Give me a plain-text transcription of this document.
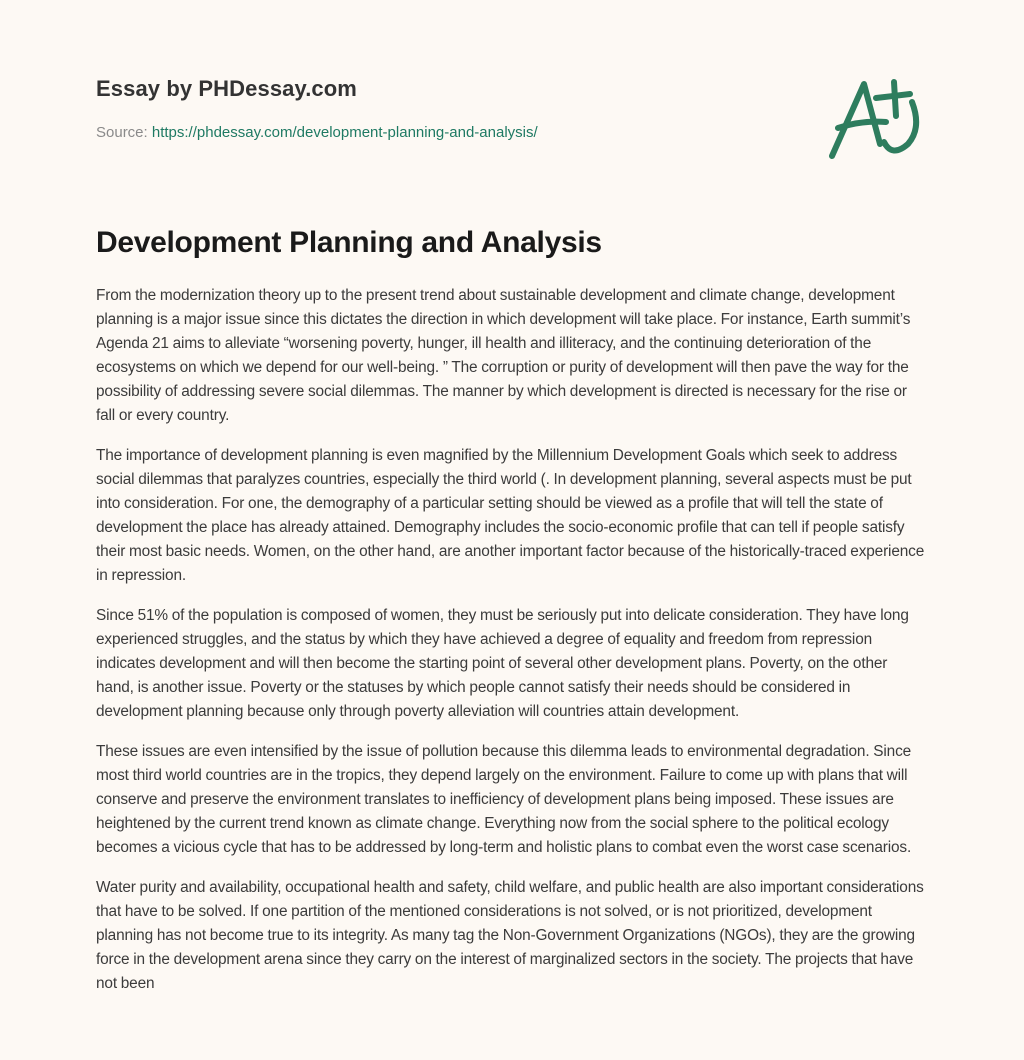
Essay by PHDessay.com
Source: https://phdessay.com/development-planning-and-analysis/
Development Planning and Analysis

From the modernization theory up to the present trend about sustainable development and climate change, development planning is a major issue since this dictates the direction in which development will take place. For instance, Earth summit’s Agenda 21 aims to alleviate “worsening poverty, hunger, ill health and illiteracy, and the continuing deterioration of the ecosystems on which we depend for our well-being. ” The corruption or purity of development will then pave the way for the possibility of addressing severe social dilemmas. The manner by which development is directed is necessary for the rise or fall or every country.

The importance of development planning is even magnified by the Millennium Development Goals which seek to address social dilemmas that paralyzes countries, especially the third world (. In development planning, several aspects must be put into consideration. For one, the demography of a particular setting should be viewed as a profile that will tell the state of development the place has already attained. Demography includes the socio-economic profile that can tell if people satisfy their most basic needs. Women, on the other hand, are another important factor because of the historically-traced experience in repression.

Since 51% of the population is composed of women, they must be seriously put into delicate consideration. They have long experienced struggles, and the status by which they have achieved a degree of equality and freedom from repression indicates development and will then become the starting point of several other development plans. Poverty, on the other hand, is another issue. Poverty or the statuses by which people cannot satisfy their needs should be considered in development planning because only through poverty alleviation will countries attain development.

These issues are even intensified by the issue of pollution because this dilemma leads to environmental degradation. Since most third world countries are in the tropics, they depend largely on the environment. Failure to come up with plans that will conserve and preserve the environment translates to inefficiency of development plans being imposed. These issues are heightened by the current trend known as climate change. Everything now from the social sphere to the political ecology becomes a vicious cycle that has to be addressed by long-term and holistic plans to combat even the worst case scenarios.

Water purity and availability, occupational health and safety, child welfare, and public health are also important considerations that have to be solved. If one partition of the mentioned considerations is not solved, or is not prioritized, development planning has not become true to its integrity. As many tag the Non-Government Organizations (NGOs), they are the growing force in the development arena since they carry on the interest of marginalized sectors in the society. The projects that have not been
